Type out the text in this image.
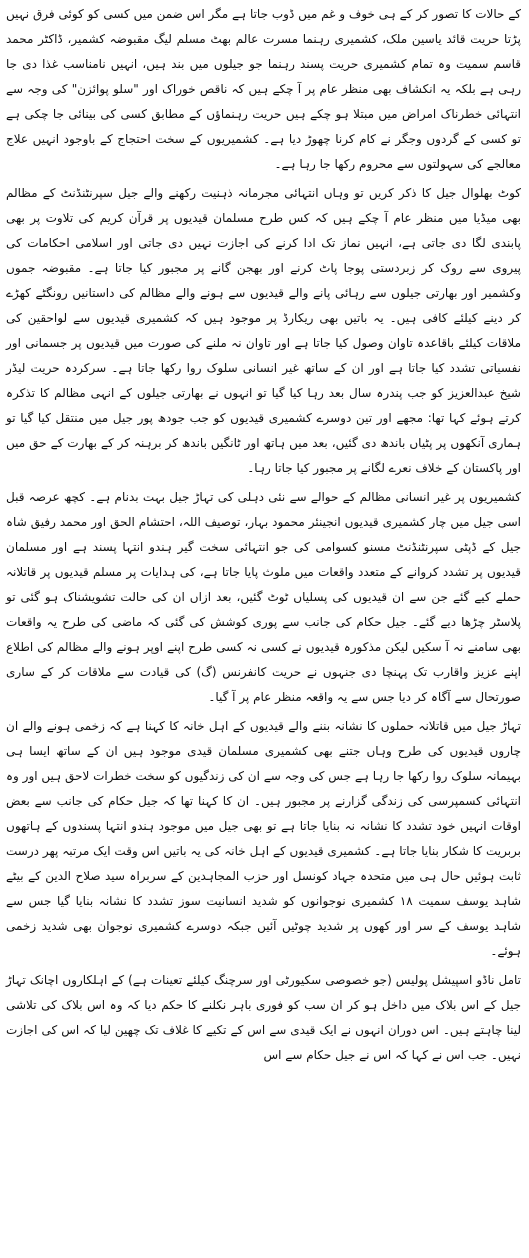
کے حالات کا تصور کر کے ہی خوف و غم میں ڈوب جاتا ہے مگر اس ضمن میں کسی کو کوئی فرق نہیں پڑتا حریت قائد یاسین ملک، کشمیری رہنما مسرت عالم بھٹ مسلم لیگ مقبوضہ کشمیر، ڈاکٹر محمد قاسم سمیت وہ تمام کشمیری حریت پسند رہنما جو جیلوں میں بند ہیں، انہیں نامناسب غذا دی جا رہی ہے بلکہ یہ انکشاف بھی منظر عام پر آ چکے ہیں کہ ناقص خوراک اور "سلو پوائزن" کی وجہ سے انتہائی خطرناک امراض میں مبتلا ہو چکے ہیں حریت رہنماؤں کے مطابق کسی کی بینائی جا چکی ہے تو کسی کے گردوں وجگر نے کام کرنا چھوڑ دیا ہے۔ کشمیریوں کے سخت احتجاج کے باوجود انہیں علاج معالجے کی سہولتوں سے محروم رکھا جا رہا ہے۔

کوٹ بھلوال جیل کا ذکر کریں تو وہاں انتہائی مجرمانہ ذہنیت رکھنے والے جیل سپرنٹنڈنٹ کے مظالم بھی میڈیا میں منظر عام آ چکے ہیں کہ کس طرح مسلمان قیدیوں پر قرآن کریم کی تلاوت پر بھی پابندی لگا دی جاتی ہے، انہیں نماز تک ادا کرنے کی اجازت نہیں دی جاتی اور اسلامی احکامات کی پیروی سے روک کر زبردستی پوجا پاٹ کرنے اور بھجن گانے پر مجبور کیا جاتا ہے۔ مقبوضہ جموں وکشمیر اور بھارتی جیلوں سے رہائی پانے والے قیدیوں سے ہونے والے مظالم کی داستانیں رونگٹے کھڑے کر دینے کیلئے کافی ہیں۔ یہ باتیں بھی ریکارڈ پر موجود ہیں کہ کشمیری قیدیوں سے لواحقین کی ملاقات کیلئے باقاعدہ تاوان وصول کیا جاتا ہے اور تاوان نہ ملنے کی صورت میں قیدیوں پر جسمانی اور نفسیاتی تشدد کیا جاتا ہے اور ان کے ساتھ غیر انسانی سلوک روا رکھا جاتا ہے۔ سرکردہ حریت لیڈر شیخ عبدالعزیز کو جب پندرہ سال بعد رہا کیا گیا تو انہوں نے بھارتی جیلوں کے انہی مظالم کا تذکرہ کرتے ہوئے کہا تھا: مجھے اور تین دوسرے کشمیری قیدیوں کو جب جودھ پور جیل میں منتقل کیا گیا تو ہماری آنکھوں پر پٹیاں باندھ دی گئیں، بعد میں ہاتھ اور ٹانگیں باندھ کر برہنہ کر کے بھارت کے حق میں اور پاکستان کے خلاف نعرے لگانے پر مجبور کیا جاتا رہا۔

کشمیریوں پر غیر انسانی مظالم کے حوالے سے نئی دہلی کی تہاڑ جیل بہت بدنام ہے۔ کچھ عرصہ قبل اسی جیل میں چار کشمیری قیدیوں انجینئر محمود بہار، توصیف اللہ، احتشام الحق اور محمد رفیق شاہ جیل کے ڈپٹی سپرنٹنڈنٹ مسنو کسوامی کی جو انتہائی سخت گیر ہندو انتہا پسند ہے اور مسلمان قیدیوں پر تشدد کروانے کے متعدد واقعات میں ملوث پایا جاتا ہے، کی ہدایات پر مسلم قیدیوں پر قاتلانہ حملے کیے گئے جن سے ان قیدیوں کی پسلیاں ٹوٹ گئیں، بعد ازاں ان کی حالت تشویشناک ہو گئی تو پلاسٹر چڑھا دیے گئے۔ جیل حکام کی جانب سے پوری کوشش کی گئی کہ ماضی کی طرح یہ واقعات بھی سامنے نہ آ سکیں لیکن مذکورہ قیدیوں نے کسی نہ کسی طرح اپنے اوپر ہونے والے مظالم کی اطلاع اپنے عزیز واقارب تک پہنچا دی جنہوں نے حریت کانفرنس (گ) کی قیادت سے ملاقات کر کے ساری صورتحال سے آگاہ کر دیا جس سے یہ واقعہ منظر عام پر آ گیا۔

تہاڑ جیل میں قاتلانہ حملوں کا نشانہ بننے والے قیدیوں کے اہل خانہ کا کہنا ہے کہ زخمی ہونے والے ان چاروں قیدیوں کی طرح وہاں جتنے بھی کشمیری مسلمان قیدی موجود ہیں ان کے ساتھ ایسا ہی بہیمانہ سلوک روا رکھا جا رہا ہے جس کی وجہ سے ان کی زندگیوں کو سخت خطرات لاحق ہیں اور وہ انتہائی کسمپرسی کی زندگی گزارنے پر مجبور ہیں۔ ان کا کہنا تھا کہ جیل حکام کی جانب سے بعض اوقات انہیں خود تشدد کا نشانہ نہ بنایا جاتا ہے تو بھی جیل میں موجود ہندو انتہا پسندوں کے ہاتھوں بربریت کا شکار بنایا جاتا ہے۔ کشمیری قیدیوں کے اہل خانہ کی یہ باتیں اس وقت ایک مرتبہ پھر درست ثابت ہوئیں حال ہی میں متحدہ جہاد کونسل اور حزب المجاہدین کے سربراہ سید صلاح الدین کے بیٹے شاہد یوسف سمیت ۱۸ کشمیری نوجوانوں کو شدید انسانیت سوز تشدد کا نشانہ بنایا گیا جس سے شاہد یوسف کے سر اور کھوں پر شدید چوٹیں آئیں جبکہ دوسرے کشمیری نوجوان بھی شدید زخمی ہوئے۔

تامل ناڈو اسپیشل پولیس (جو خصوصی سکیورٹی اور سرچنگ کیلئے تعینات ہے) کے اہلکاروں اچانک تہاڑ جیل کے اس بلاک میں داخل ہو کر ان سب کو فوری باہر نکلنے کا حکم دیا کہ وہ اس بلاک کی تلاشی لینا چاہتے ہیں۔ اس دوران انہوں نے ایک قیدی سے اس کے تکیے کا غلاف تک چھین لیا کہ اس کی اجازت نہیں۔ جب اس نے کہا کہ اس نے جیل حکام سے اس
